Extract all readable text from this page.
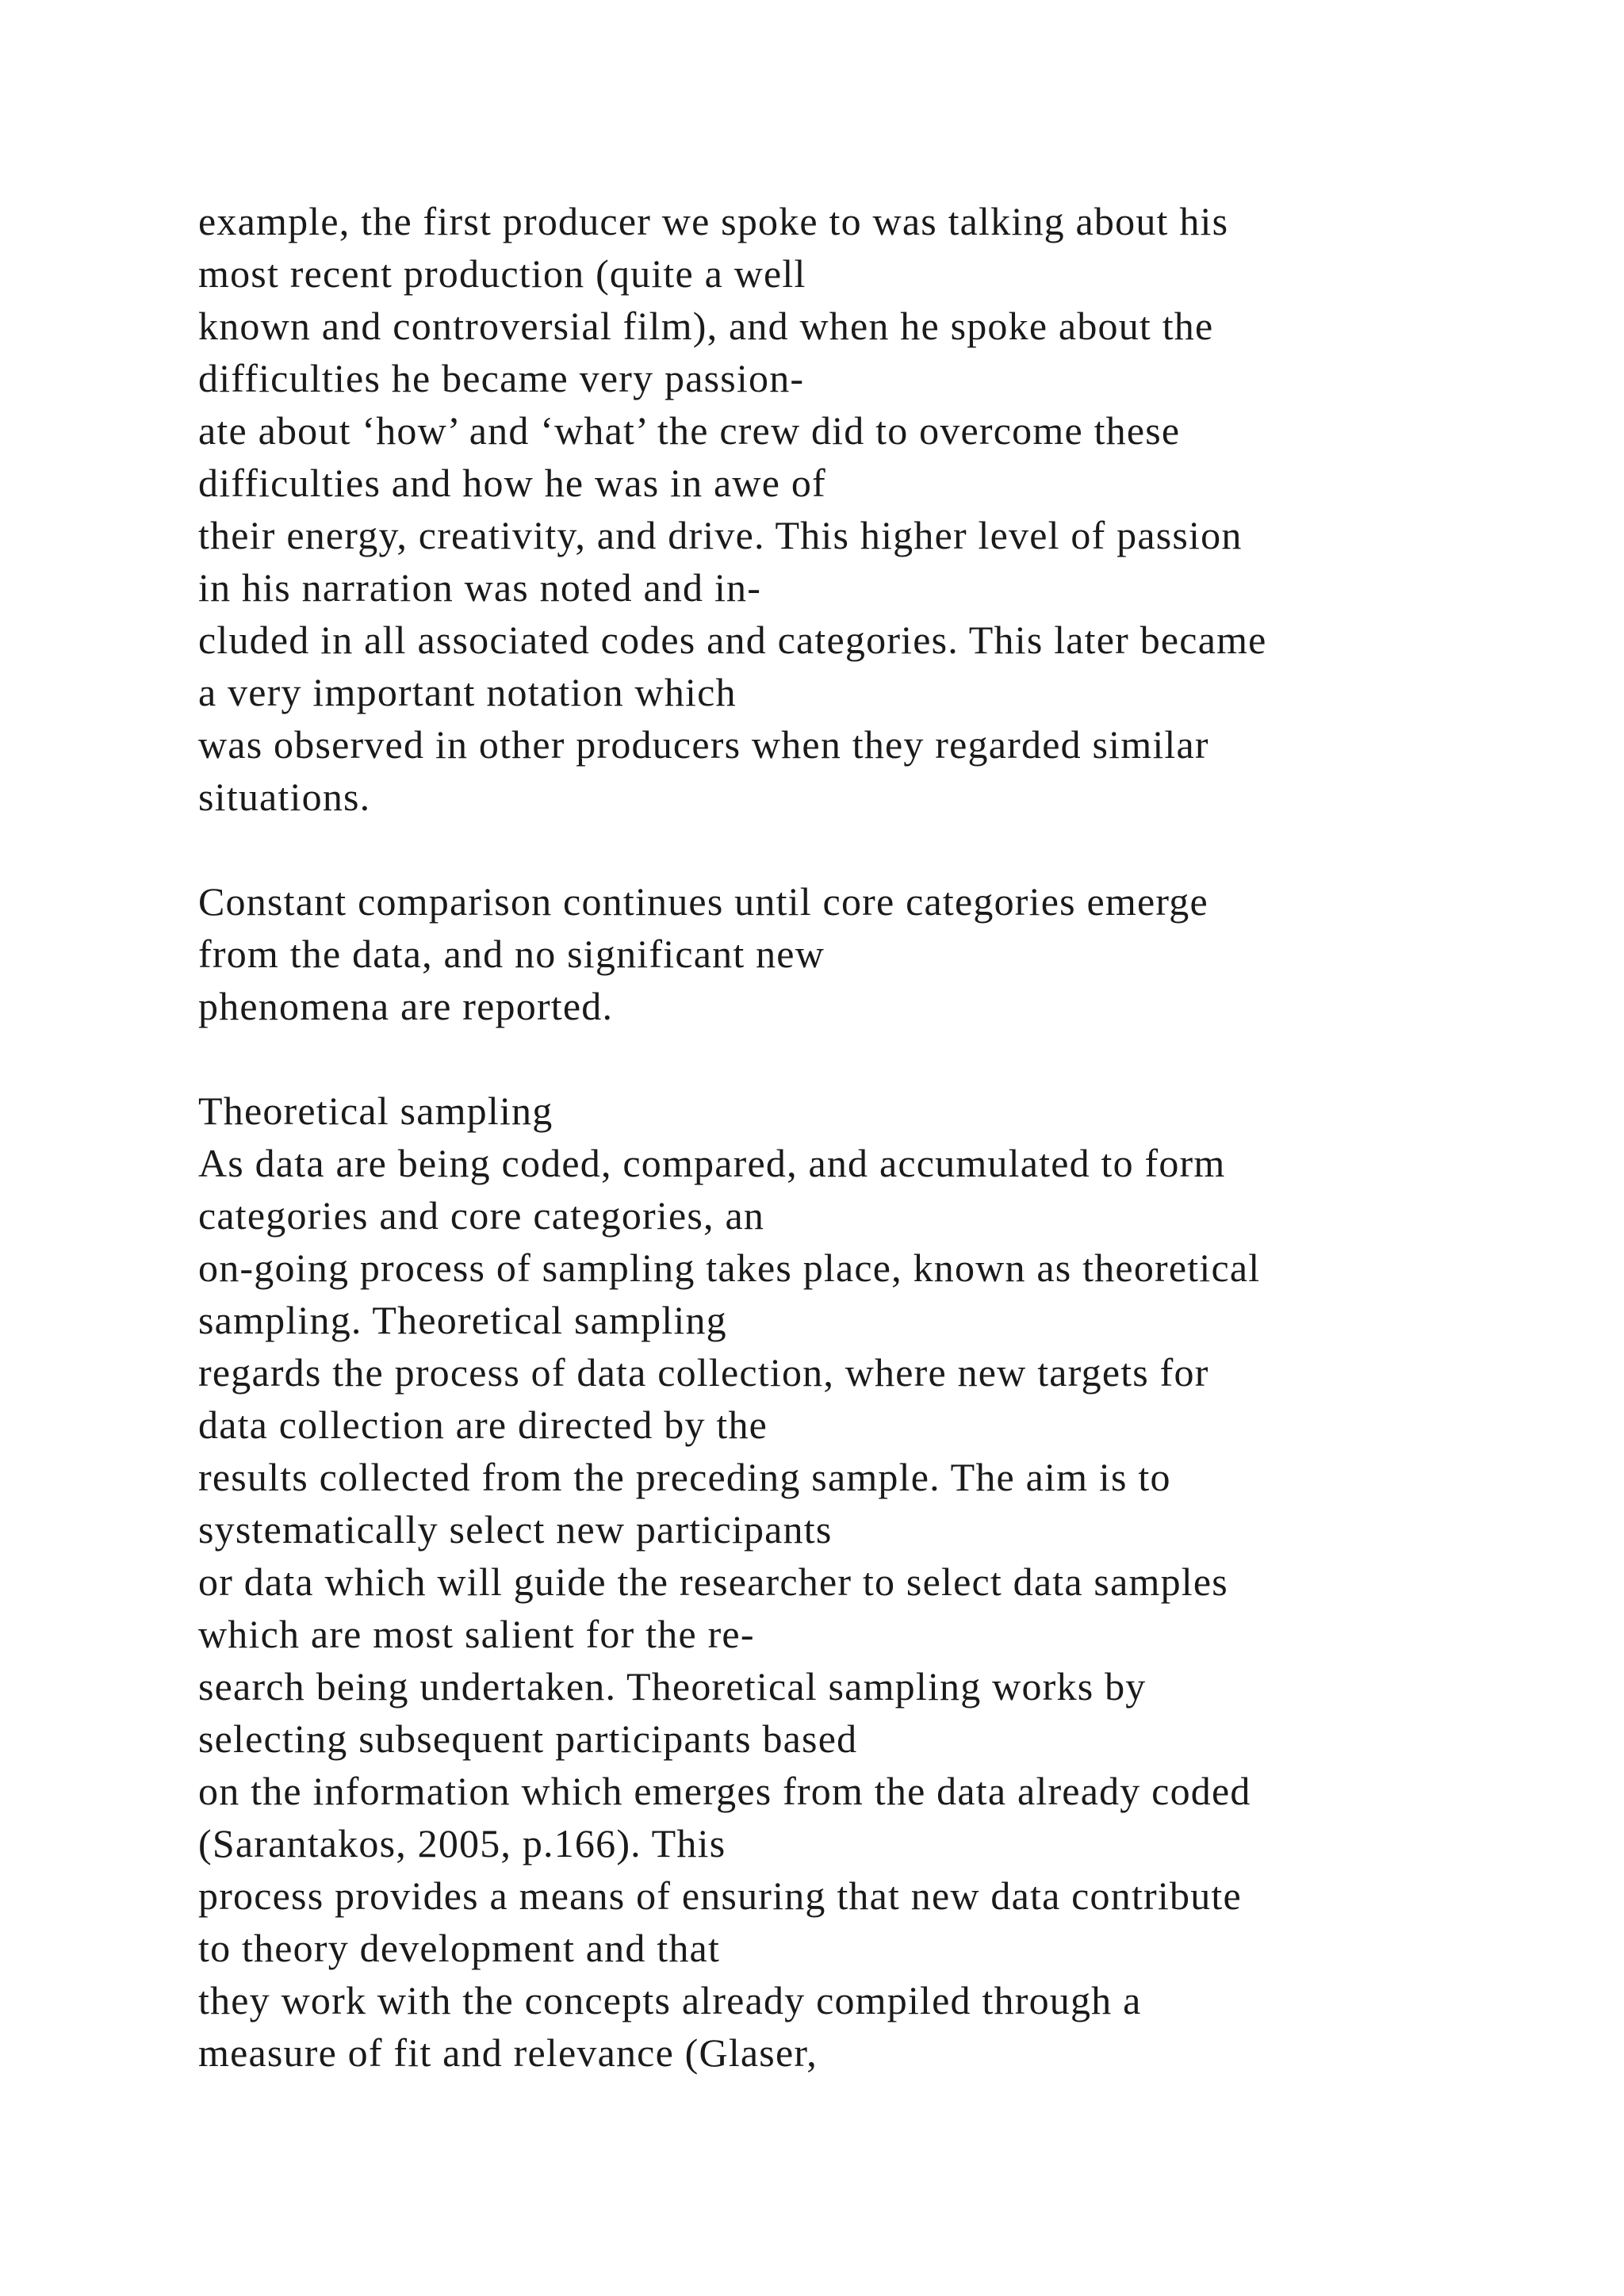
example, the first producer we spoke to was talking about his
most recent production (quite a well
known and controversial film), and when he spoke about the
difficulties he became very passion-
ate about ‘how’ and ‘what’ the crew did to overcome these
difficulties and how he was in awe of
their energy, creativity, and drive. This higher level of passion
in his narration was noted and in-
cluded in all associated codes and categories. This later became
a very important notation which
was observed in other producers when they regarded similar
situations.
Constant comparison continues until core categories emerge
from the data, and no significant new
phenomena are reported.
Theoretical sampling
As data are being coded, compared, and accumulated to form
categories and core categories, an
on-going process of sampling takes place, known as theoretical
sampling. Theoretical sampling
regards the process of data collection, where new targets for
data collection are directed by the
results collected from the preceding sample. The aim is to
systematically select new participants
or data which will guide the researcher to select data samples
which are most salient for the re-
search being undertaken. Theoretical sampling works by
selecting subsequent participants based
on the information which emerges from the data already coded
(Sarantakos, 2005, p.166). This
process provides a means of ensuring that new data contribute
to theory development and that
they work with the concepts already compiled through a
measure of fit and relevance (Glaser,
